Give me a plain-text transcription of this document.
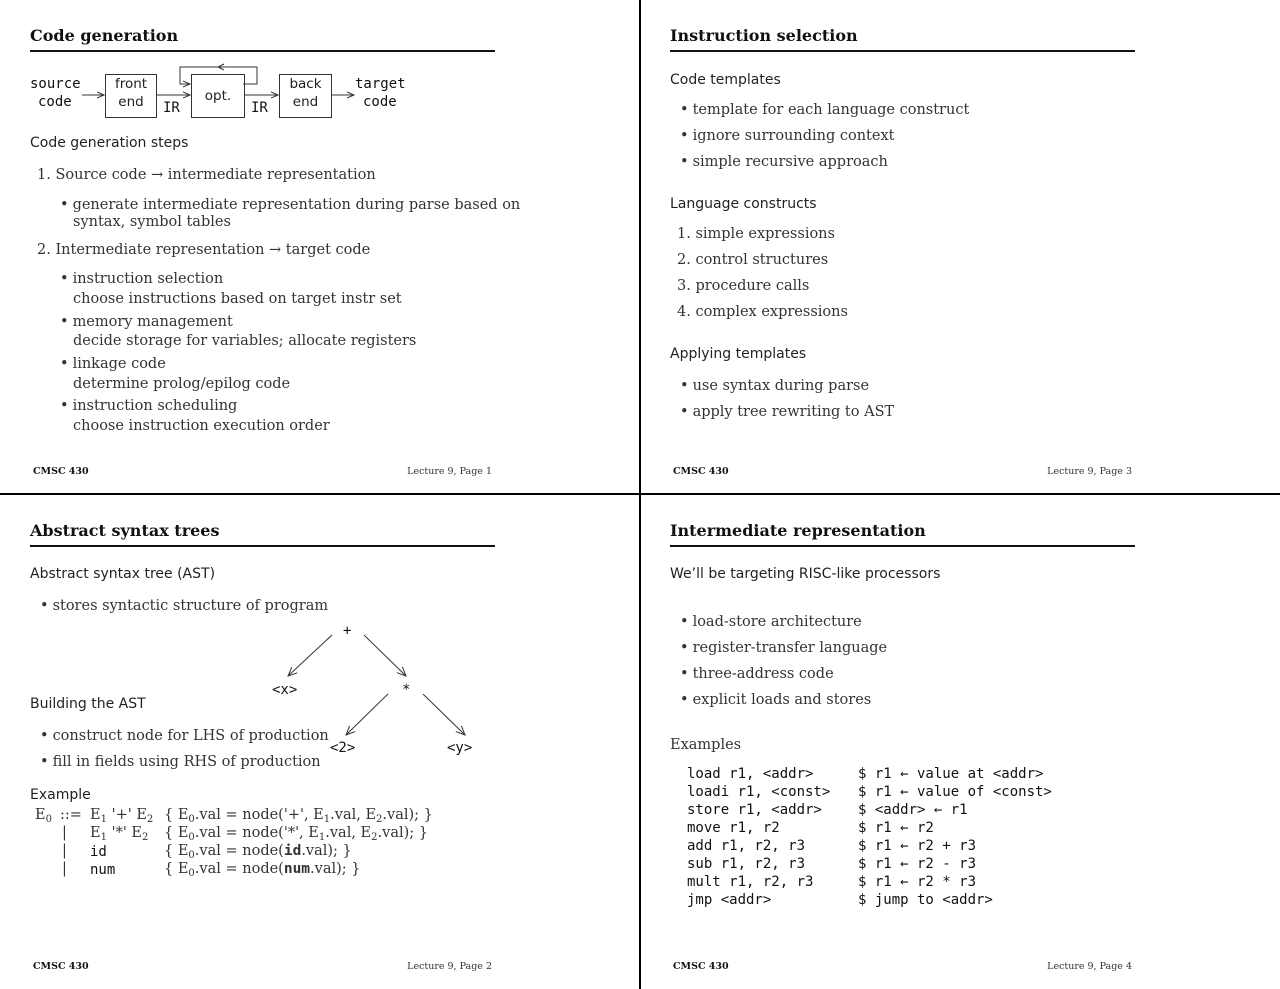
Code generation
source
code
front
end	opt.
back
end
target
code
IR	IR
Code generation steps
1. Source code → intermediate representation
• generate intermediate representation during parse based on
syntax, symbol tables
2. Intermediate representation → target code
• instruction selection
choose instructions based on target instr set
• memory management
decide storage for variables; allocate registers
• linkage code
determine prolog/epilog code
• instruction scheduling
choose instruction execution order
CMSC 430	Lecture 9, Page 1
Instruction selection
Code templates
• template for each language construct
• ignore surrounding context
• simple recursive approach
Language constructs
1. simple expressions
2. control structures
3. procedure calls
4. complex expressions
Applying templates
• use syntax during parse
• apply tree rewriting to AST
CMSC 430	Lecture 9, Page 3
Abstract syntax trees
Abstract syntax tree (AST)
• stores syntactic structure of program
+
<x>	*
<2>	<y>
Building the AST
• construct node for LHS of production
• fill in fields using RHS of production
Example
$E_0$ ::= $E_1$ '+' $E_2$ { $E_0.val$ = node('+', $E_1.val$, $E_2.val$); }
| $E_1$ '*' $E_2$ { $E_0.val$ = node('*', $E_1.val$, $E_2.val$); }
| id	{ $E_0.val$ = node(id.val); }
| num	{ $E_0.val$ = node(num.val); }
CMSC 430	Lecture 9, Page 2
Intermediate representation
We’ll be targeting RISC-like processors
• load-store architecture
• register-transfer language
• three-address code
• explicit loads and stores
Examples
load r1, <addr>	$ r1 ← value at <addr>
loadi r1, <const> $ r1 ← value of <const>
store r1, <addr>	$ <addr> ← r1
move r1, r2	$ r1 ← r2
add r1, r2, r3	$ r1 ← r2 + r3
sub r1, r2, r3	$ r1 ← r2 - r3
mult r1, r2, r3	$ r1 ← r2 * r3
jmp <addr>	$ jump to <addr>
CMSC 430	Lecture 9, Page 4
